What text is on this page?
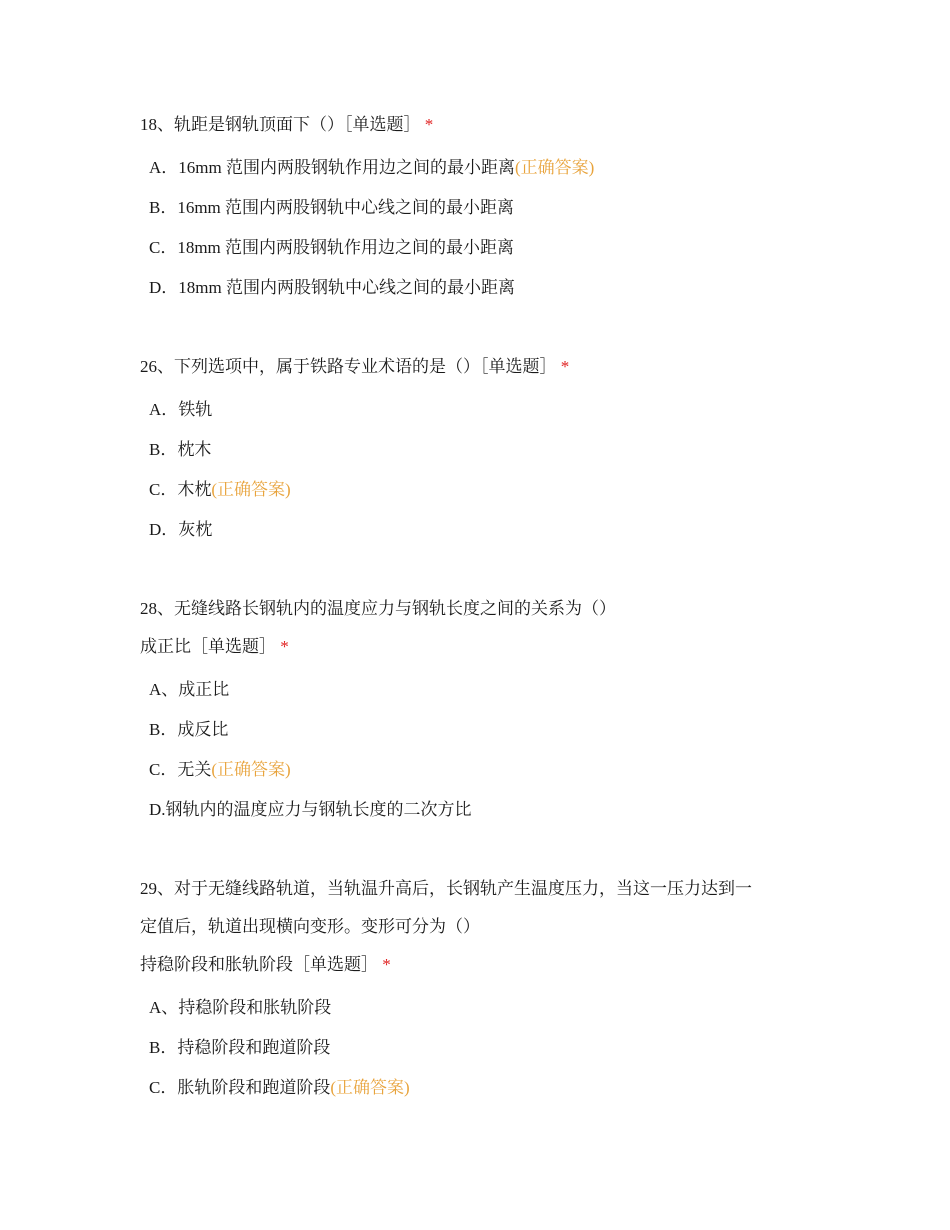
18、轨距是钢轨顶面下（）［单选题］ *

A．16mm 范围内两股钢轨作用边之间的最小距离(正确答案)
B．16mm 范围内两股钢轨中心线之间的最小距离
C．18mm 范围内两股钢轨作用边之间的最小距离
D．18mm 范围内两股钢轨中心线之间的最小距离

26、下列选项中，属于铁路专业术语的是（）［单选题］ *

A．铁轨
B．枕木
C．木枕(正确答案)
D．灰枕

28、无缝线路长钢轨内的温度应力与钢轨长度之间的关系为（）
成正比［单选题］ *

A、成正比
B．成反比
C．无关(正确答案)
D.钢轨内的温度应力与钢轨长度的二次方比

29、对于无缝线路轨道，当轨温升高后，长钢轨产生温度压力，当这一压力达到一
定值后，轨道出现横向变形。变形可分为（）
持稳阶段和胀轨阶段［单选题］ *

A、持稳阶段和胀轨阶段
B．持稳阶段和跑道阶段
C．胀轨阶段和跑道阶段(正确答案)
